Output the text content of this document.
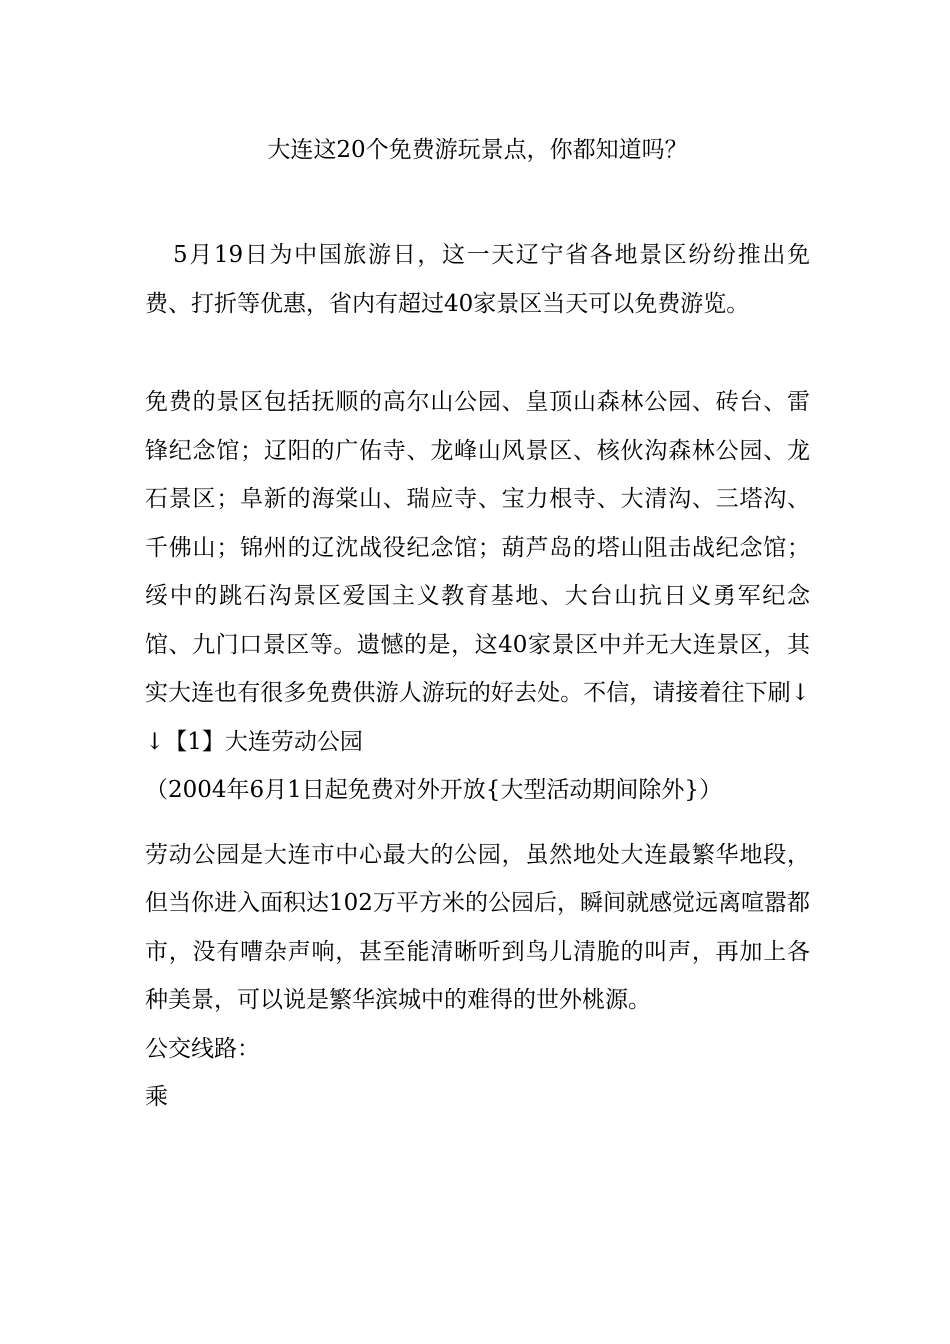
大连这20个免费游玩景点，你都知道吗？

5月19日为中国旅游日，这一天辽宁省各地景区纷纷推出免费、打折等优惠，省内有超过40家景区当天可以免费游览。

免费的景区包括抚顺的高尔山公园、皇顶山森林公园、砖台、雷锋纪念馆；辽阳的广佑寺、龙峰山风景区、核伙沟森林公园、龙石景区；阜新的海棠山、瑞应寺、宝力根寺、大清沟、三塔沟、千佛山；锦州的辽沈战役纪念馆；葫芦岛的塔山阻击战纪念馆；绥中的跳石沟景区爱国主义教育基地、大台山抗日义勇军纪念馆、九门口景区等。遗憾的是，这40家景区中并无大连景区，其实大连也有很多免费供游人游玩的好去处。不信，请接着往下刷↓↓【1】大连劳动公园

（2004年6月1日起免费对外开放{大型活动期间除外}）

劳动公园是大连市中心最大的公园，虽然地处大连最繁华地段，但当你进入面积达102万平方米的公园后，瞬间就感觉远离喧嚣都市，没有嘈杂声响，甚至能清晰听到鸟儿清脆的叫声，再加上各种美景，可以说是繁华滨城中的难得的世外桃源。

公交线路：

乘
